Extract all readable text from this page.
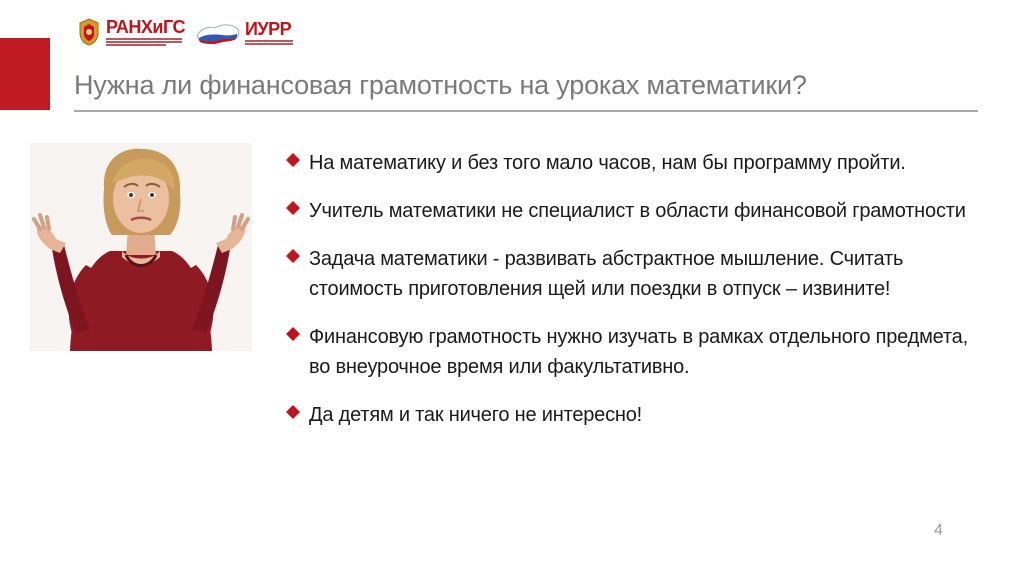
РАНХиГС	ИУРР
Нужна ли финансовая грамотность на уроках математики?
На математику и без того мало часов, нам бы программу пройти.
Учитель математики не специалист в области финансовой грамотности
Задача математики - развивать абстрактное мышление. Считать стоимость приготовления щей или поездки в отпуск – извините!
Финансовую грамотность нужно изучать в рамках отдельного предмета, во внеурочное время или факультативно.
Да детям и так ничего не интересно!
4
